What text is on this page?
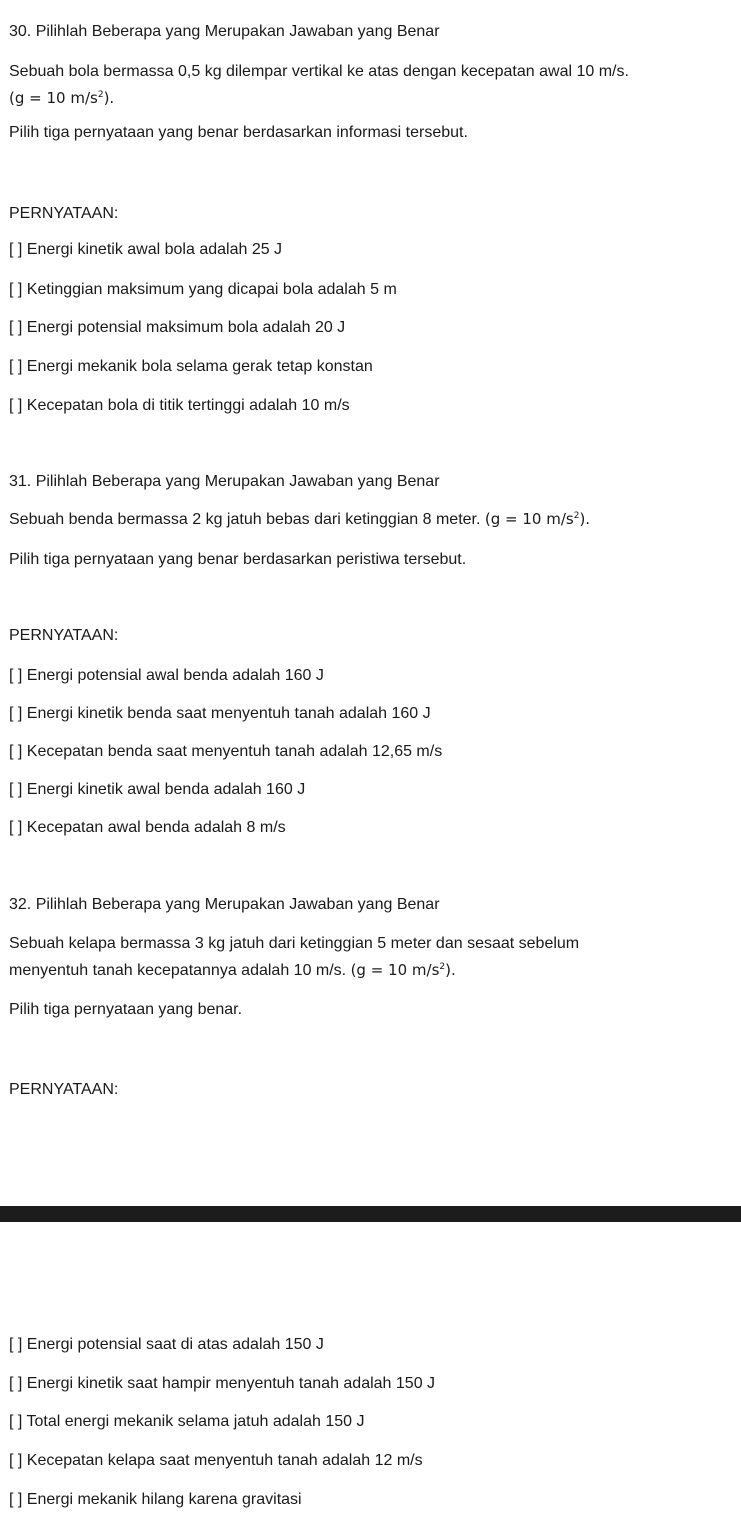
30. Pilihlah Beberapa yang Merupakan Jawaban yang Benar
Sebuah bola bermassa 0,5 kg dilempar vertikal ke atas dengan kecepatan awal 10 m/s.
(g = 10 $m/s^2$).
Pilih tiga pernyataan yang benar berdasarkan informasi tersebut.
PERNYATAAN:
[ ] Energi kinetik awal bola adalah 25 J
[ ] Ketinggian maksimum yang dicapai bola adalah 5 m
[ ] Energi potensial maksimum bola adalah 20 J
[ ] Energi mekanik bola selama gerak tetap konstan
[ ] Kecepatan bola di titik tertinggi adalah 10 m/s
31. Pilihlah Beberapa yang Merupakan Jawaban yang Benar
Sebuah benda bermassa 2 kg jatuh bebas dari ketinggian 8 meter. (g = 10 $m/s^2$).
Pilih tiga pernyataan yang benar berdasarkan peristiwa tersebut.
PERNYATAAN:
[ ] Energi potensial awal benda adalah 160 J
[ ] Energi kinetik benda saat menyentuh tanah adalah 160 J
[ ] Kecepatan benda saat menyentuh tanah adalah 12,65 m/s
[ ] Energi kinetik awal benda adalah 160 J
[ ] Kecepatan awal benda adalah 8 m/s
32. Pilihlah Beberapa yang Merupakan Jawaban yang Benar
Sebuah kelapa bermassa 3 kg jatuh dari ketinggian 5 meter dan sesaat sebelum
menyentuh tanah kecepatannya adalah 10 m/s. (g = 10 $m/s^2$).
Pilih tiga pernyataan yang benar.
PERNYATAAN:
[ ] Energi potensial saat di atas adalah 150 J
[ ] Energi kinetik saat hampir menyentuh tanah adalah 150 J
[ ] Total energi mekanik selama jatuh adalah 150 J
[ ] Kecepatan kelapa saat menyentuh tanah adalah 12 m/s
[ ] Energi mekanik hilang karena gravitasi
